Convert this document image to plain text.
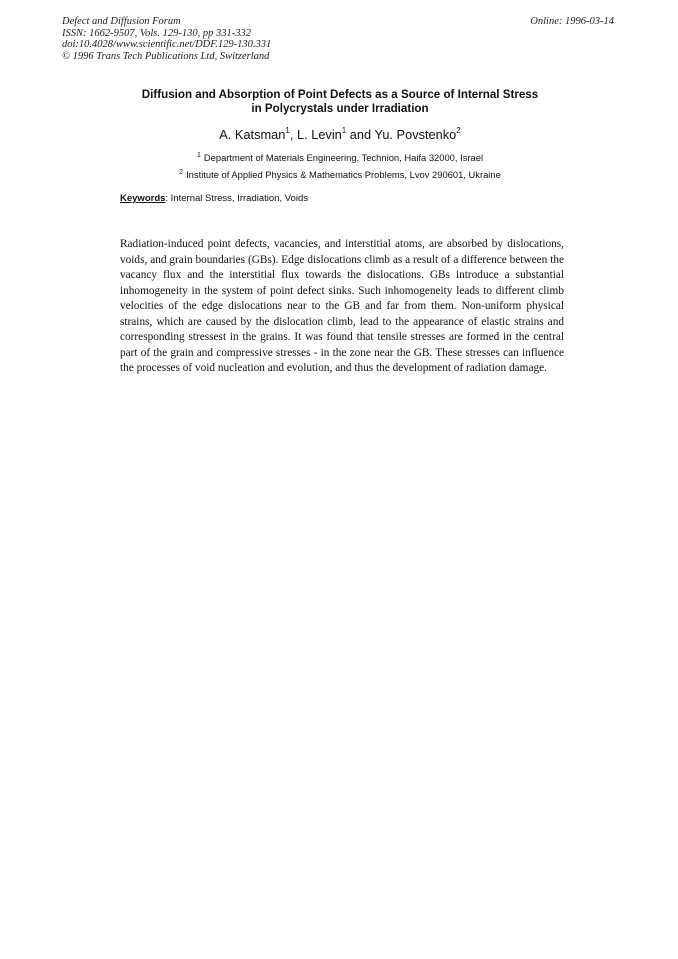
Defect and Diffusion Forum
ISSN: 1662-9507, Vols. 129-130, pp 331-332
doi:10.4028/www.scientific.net/DDF.129-130.331
© 1996 Trans Tech Publications Ltd, Switzerland
Online: 1996-03-14
Diffusion and Absorption of Point Defects as a Source of Internal Stress
in Polycrystals under Irradiation
A. Katsman$^1$, L. Levin$^1$ and Yu. Povstenko$^2$
$^1$ Department of Materials Engineering, Technion, Haifa 32000, Israel
$^2$ Institute of Applied Physics & Mathematics Problems, Lvov 290601, Ukraine
Keywords: Internal Stress, Irradiation, Voids

Radiation-induced point defects, vacancies, and interstitial atoms, are absorbed by dislocations, voids, and grain boundaries (GBs). Edge dislocations climb as a result of a difference between the vacancy flux and the interstitial flux towards the dislocations. GBs introduce a substantial inhomogeneity in the system of point defect sinks. Such inhomogeneity leads to different climb velocities of the edge dislocations near to the GB and far from them. Non-uniform physical strains, which are caused by the dislocation climb, lead to the appearance of elastic strains and corresponding stressest in the grains. It was found that tensile stresses are formed in the central part of the grain and compressive stresses - in the zone near the GB. These stresses can influence the processes of void nucleation and evolution, and thus the development of radiation damage.
